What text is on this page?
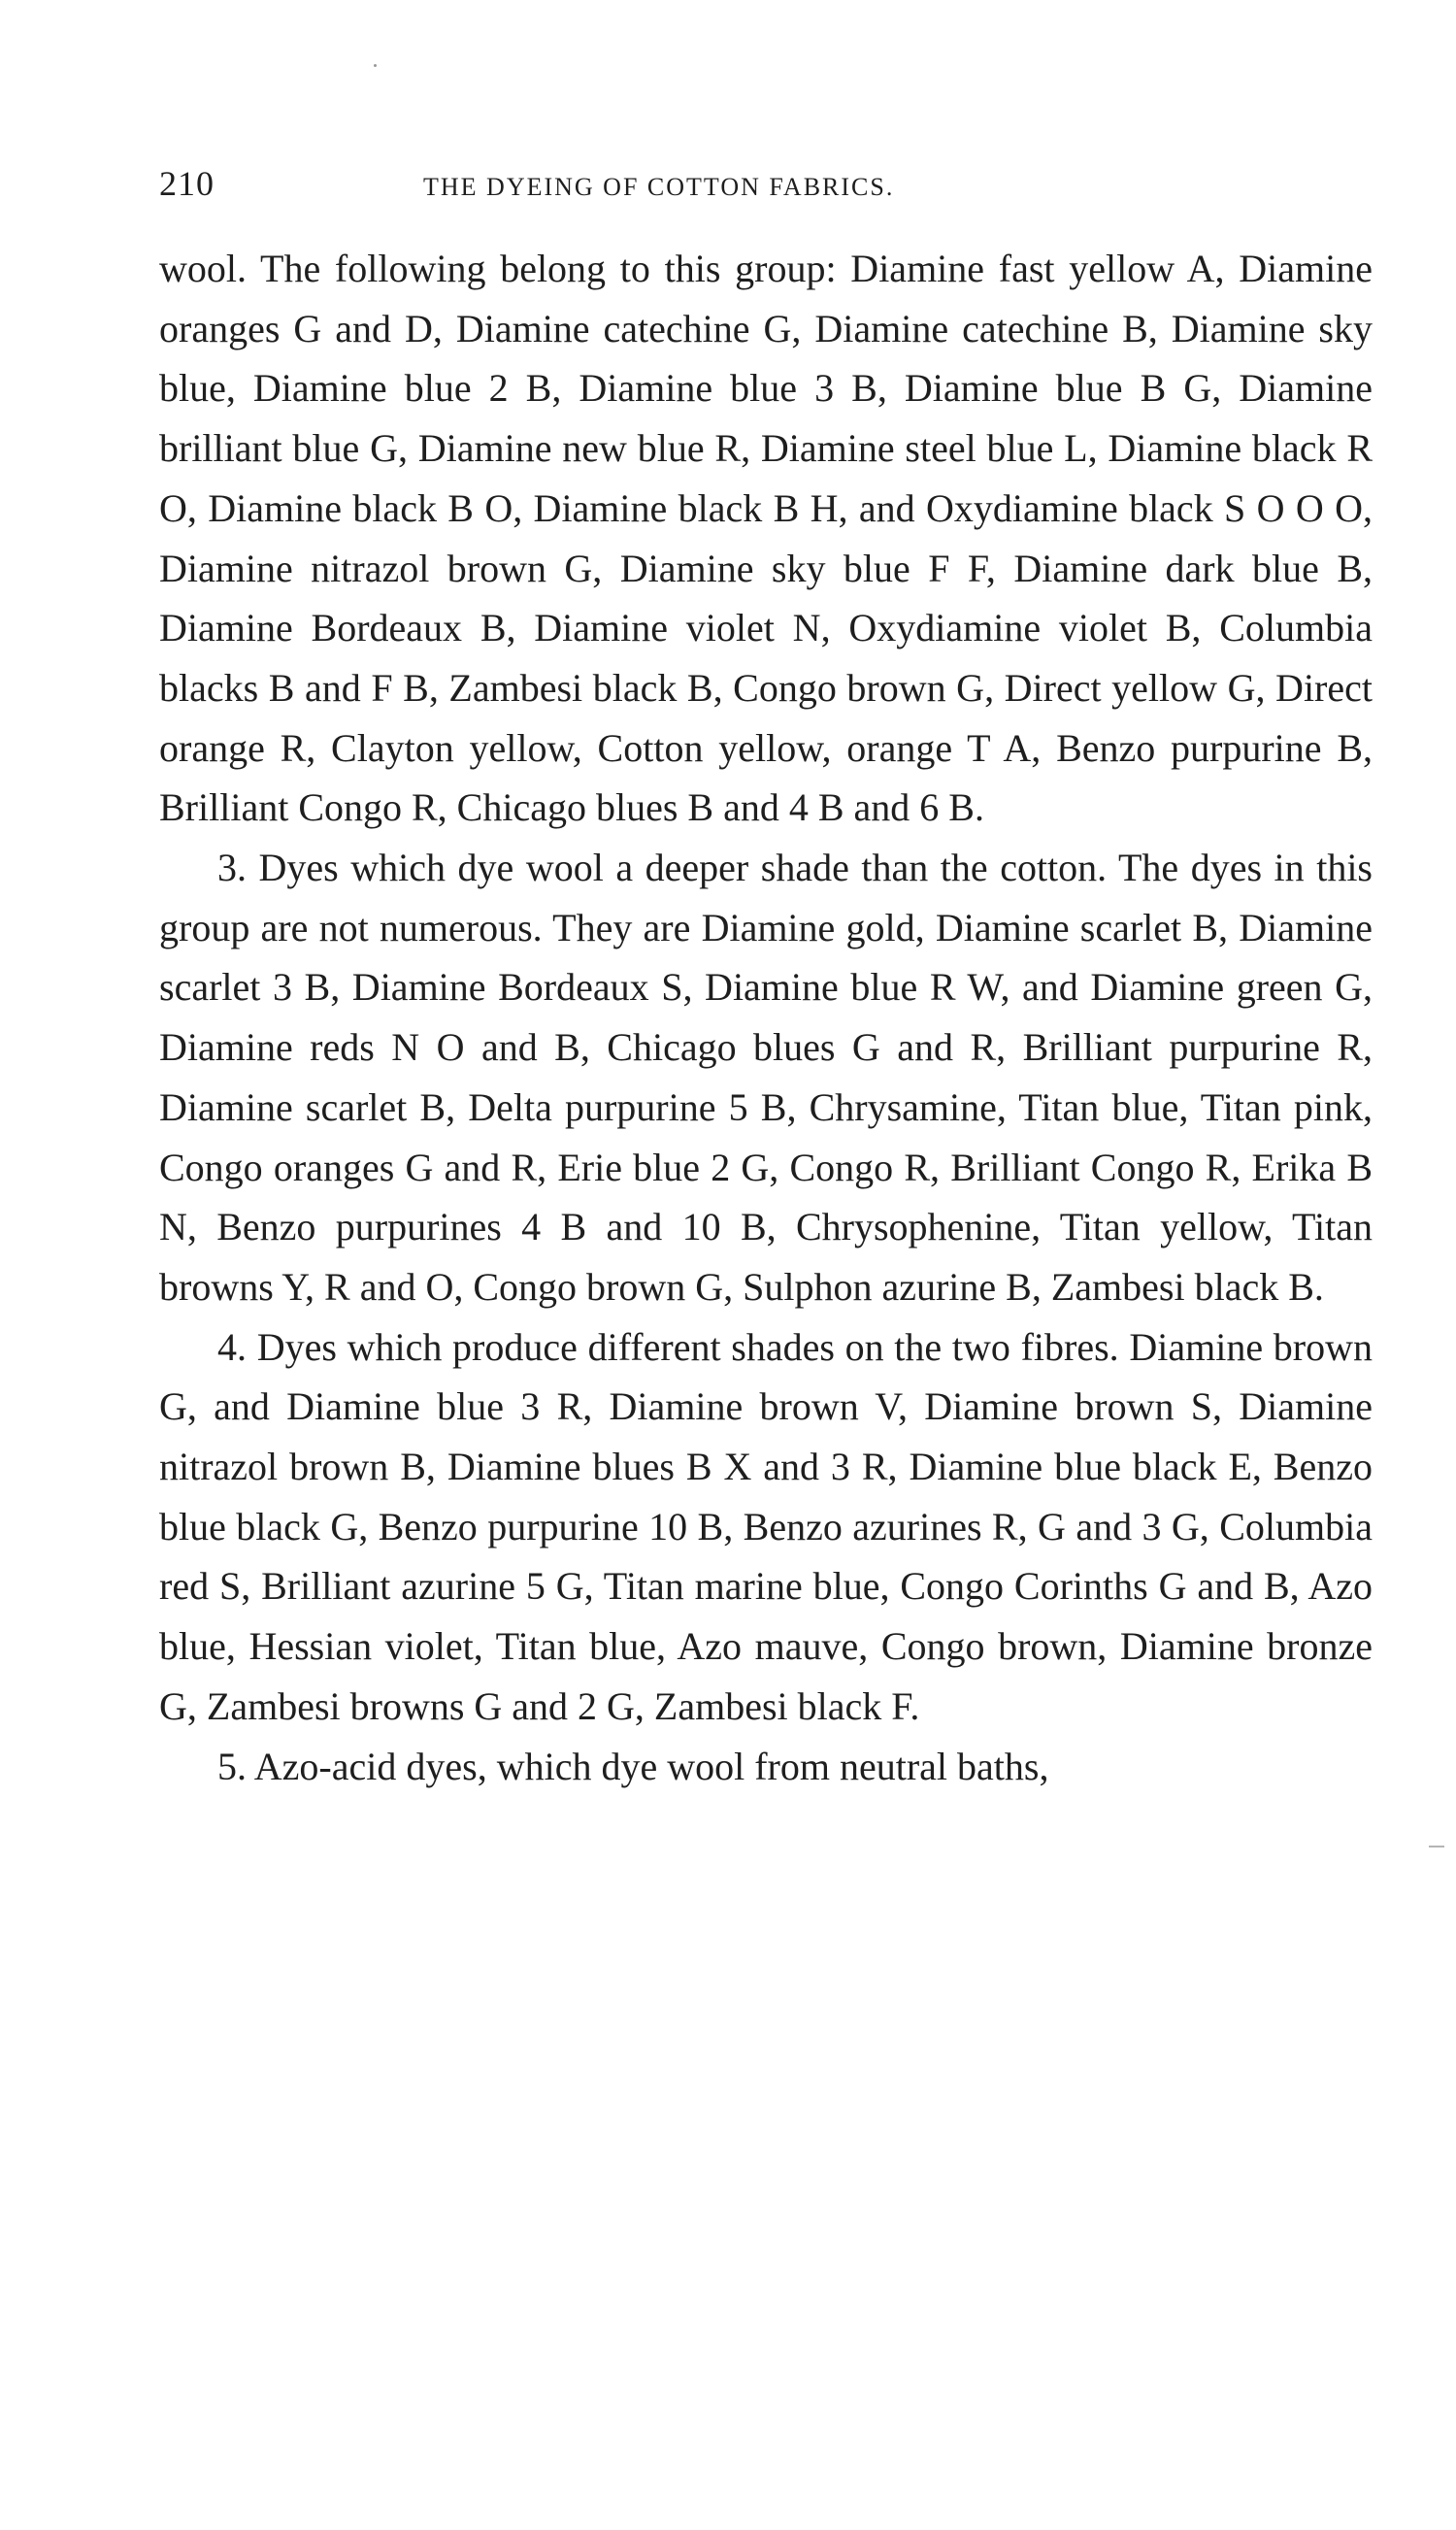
210	THE DYEING OF COTTON FABRICS.

wool. The following belong to this group: Diamine fast yellow A, Diamine oranges G and D, Diamine catechine G, Diamine catechine B, Diamine sky blue, Diamine blue 2 B, Diamine blue 3 B, Diamine blue B G, Diamine brilliant blue G, Diamine new blue R, Diamine steel blue L, Diamine black R O, Diamine black B O, Diamine black B H, and Oxydiamine black S O O O, Diamine nitrazol brown G, Diamine sky blue F F, Diamine dark blue B, Diamine Bordeaux B, Diamine violet N, Oxydiamine violet B, Columbia blacks B and F B, Zambesi black B, Congo brown G, Direct yellow G, Direct orange R, Clayton yellow, Cotton yellow, orange T A, Benzo purpurine B, Brilliant Congo R, Chicago blues B and 4 B and 6 B.

3. Dyes which dye wool a deeper shade than the cotton. The dyes in this group are not numerous. They are Diamine gold, Diamine scarlet B, Diamine scarlet 3 B, Diamine Bordeaux S, Diamine blue R W, and Diamine green G, Diamine reds N O and B, Chicago blues G and R, Brilliant purpurine R, Diamine scarlet B, Delta purpurine 5 B, Chrysamine, Titan blue, Titan pink, Congo oranges G and R, Erie blue 2 G, Congo R, Brilliant Congo R, Erika B N, Benzo purpurines 4 B and 10 B, Chrysophenine, Titan yellow, Titan browns Y, R and O, Congo brown G, Sulphon azurine B, Zambesi black B.

4. Dyes which produce different shades on the two fibres. Diamine brown G, and Diamine blue 3 R, Diamine brown V, Diamine brown S, Diamine nitrazol brown B, Diamine blues B X and 3 R, Diamine blue black E, Benzo blue black G, Benzo purpurine 10 B, Benzo azurines R, G and 3 G, Columbia red S, Brilliant azurine 5 G, Titan marine blue, Congo Corinths G and B, Azo blue, Hessian violet, Titan blue, Azo mauve, Congo brown, Diamine bronze G, Zambesi browns G and 2 G, Zambesi black F.

5. Azo-acid dyes, which dye wool from neutral baths,
